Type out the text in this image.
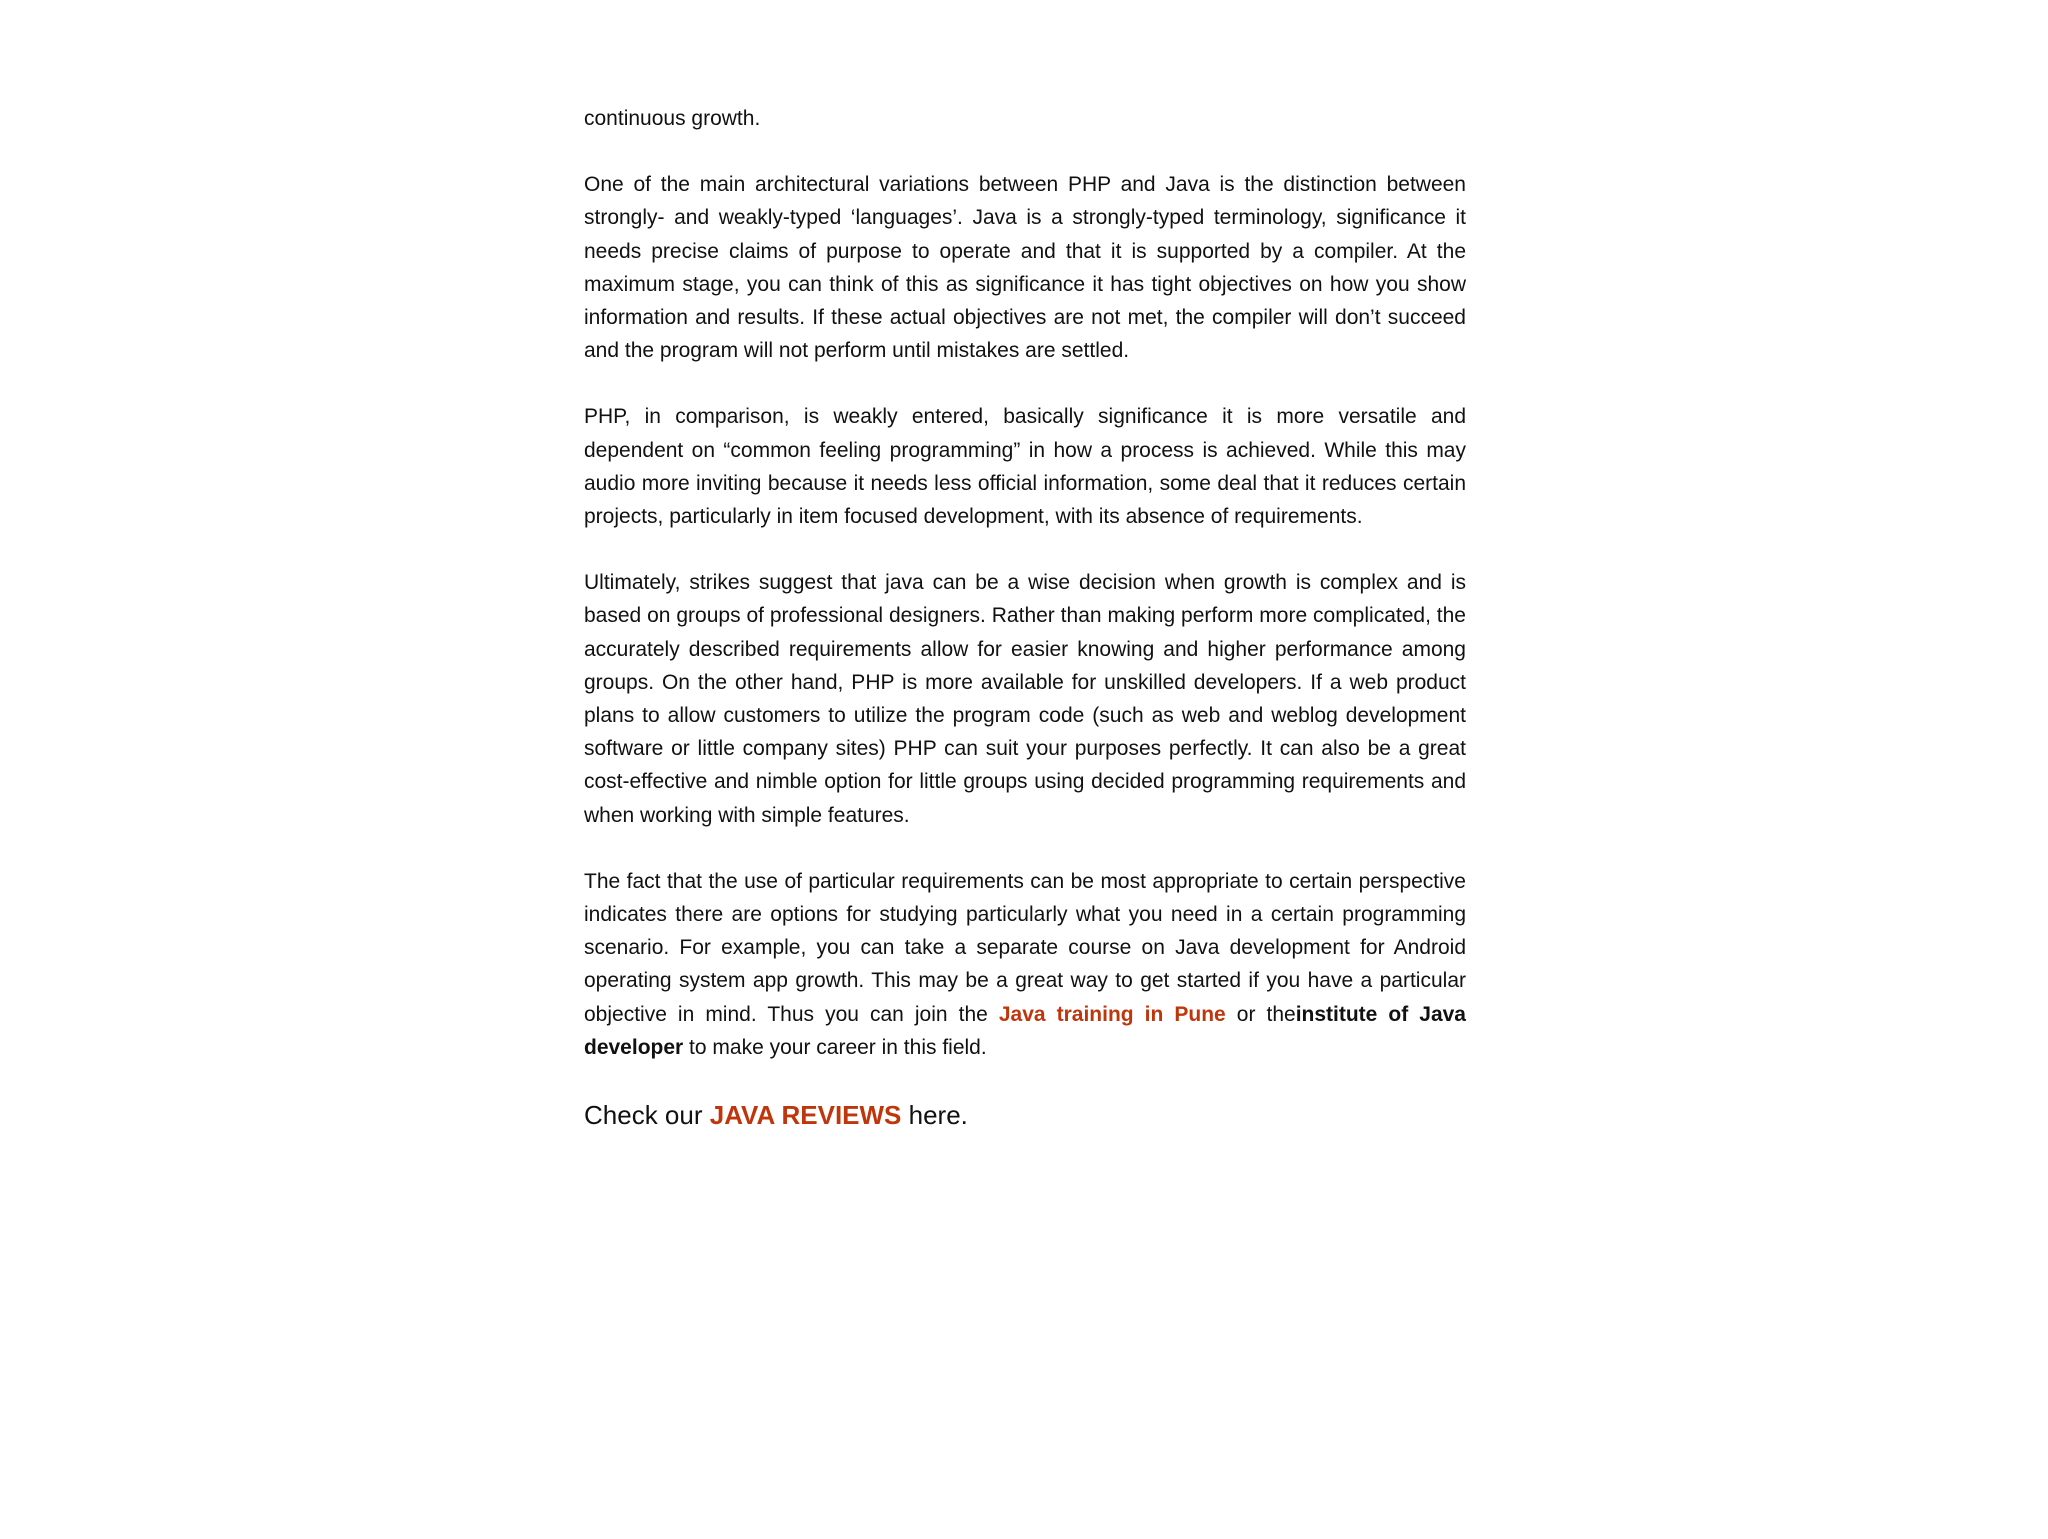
continuous growth.

One of the main architectural variations between PHP and Java is the distinction between strongly- and weakly-typed ‘languages’. Java is a strongly-typed terminology, significance it needs precise claims of purpose to operate and that it is supported by a compiler. At the maximum stage, you can think of this as significance it has tight objectives on how you show information and results. If these actual objectives are not met, the compiler will don’t succeed and the program will not perform until mistakes are settled.

PHP, in comparison, is weakly entered, basically significance it is more versatile and dependent on “common feeling programming” in how a process is achieved. While this may audio more inviting because it needs less official information, some deal that it reduces certain projects, particularly in item focused development, with its absence of requirements.

Ultimately, strikes suggest that java can be a wise decision when growth is complex and is based on groups of professional designers. Rather than making perform more complicated, the accurately described requirements allow for easier knowing and higher performance among groups. On the other hand, PHP is more available for unskilled developers. If a web product plans to allow customers to utilize the program code (such as web and weblog development software or little company sites) PHP can suit your purposes perfectly. It can also be a great cost-effective and nimble option for little groups using decided programming requirements and when working with simple features.

The fact that the use of particular requirements can be most appropriate to certain perspective indicates there are options for studying particularly what you need in a certain programming scenario. For example, you can take a separate course on Java development for Android operating system app growth. This may be a great way to get started if you have a particular objective in mind. Thus you can join the Java training in Pune or theinstitute of Java developer to make your career in this field.

Check our JAVA REVIEWS here.
